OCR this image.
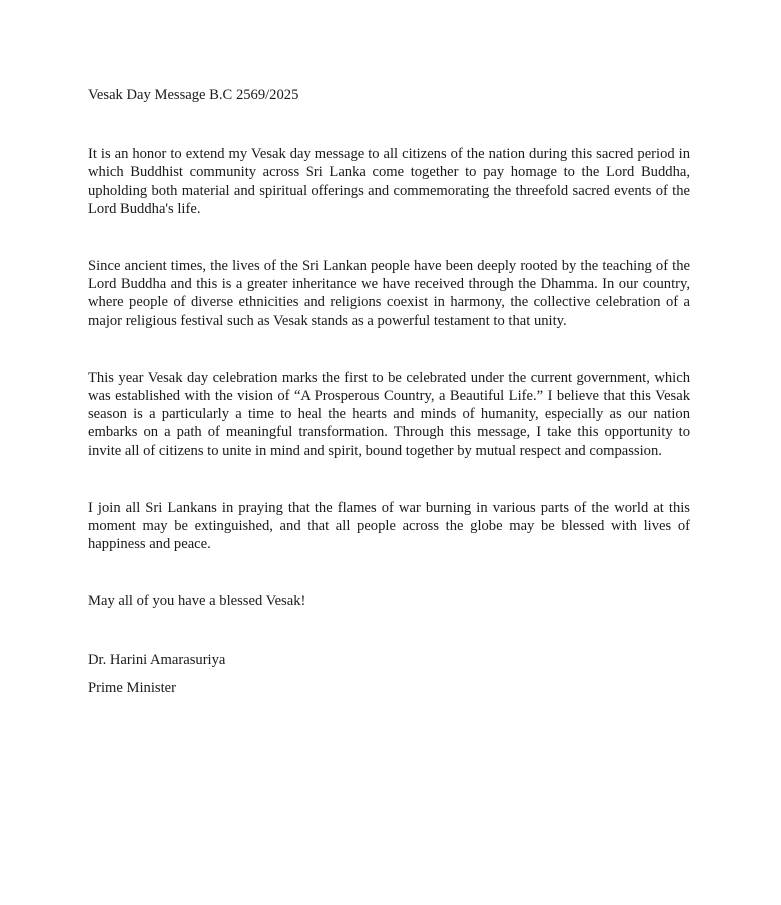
Vesak Day Message B.C 2569/2025

It is an honor to extend my Vesak day message to all citizens of the nation during this sacred period in which Buddhist community across Sri Lanka come together to pay homage to the Lord Buddha, upholding both material and spiritual offerings and commemorating the threefold sacred events of the Lord Buddha's life.

Since ancient times, the lives of the Sri Lankan people have been deeply rooted by the teaching of the Lord Buddha and this is a greater inheritance we have received through the Dhamma. In our country, where people of diverse ethnicities and religions coexist in harmony, the collective celebration of a major religious festival such as Vesak stands as a powerful testament to that unity.

This year Vesak day celebration marks the first to be celebrated under the current government, which was established with the vision of “A Prosperous Country, a Beautiful Life.” I believe that this Vesak season is a particularly a time to heal the hearts and minds of humanity, especially as our nation embarks on a path of meaningful transformation. Through this message, I take this opportunity to invite all of citizens to unite in mind and spirit, bound together by mutual respect and compassion.

I join all Sri Lankans in praying that the flames of war burning in various parts of the world at this moment may be extinguished, and that all people across the globe may be blessed with lives of happiness and peace.

May all of you have a blessed Vesak!

Dr. Harini Amarasuriya

Prime Minister
